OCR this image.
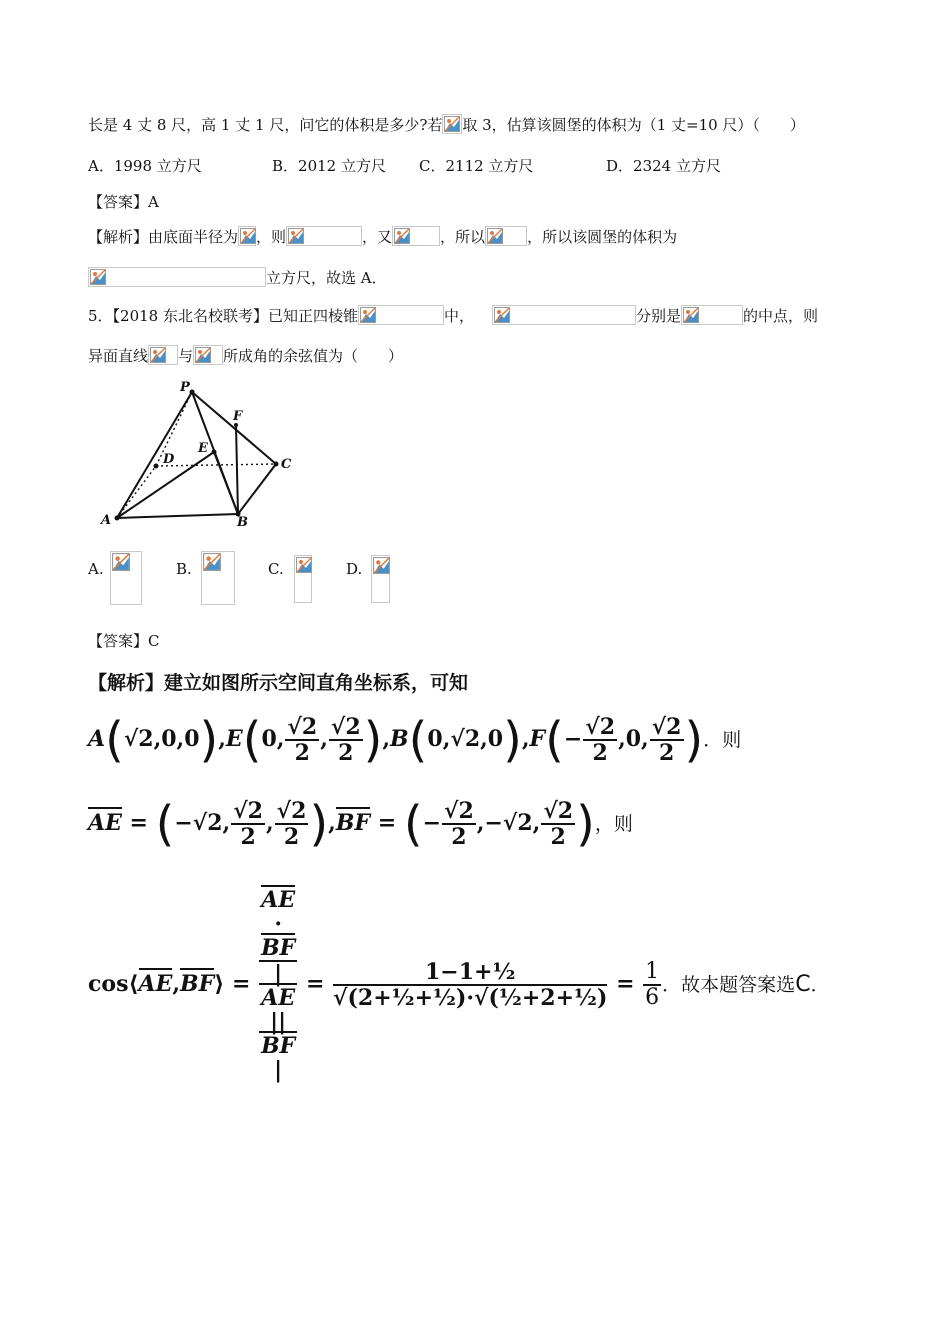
长是 4 丈 8 尺，高 1 丈 1 尺，问它的体积是多少?若 取 3，估算该圆堡的体积为（1 丈=10 尺）（　　）
A．1998 立方尺	B．2012 立方尺 C．2112 立方尺	D．2324 立方尺
【答案】A
【解析】由底面半径为 ，则	，又	，所以	，所以该圆堡的体积为
立方尺，故选 A．
5．【2018 东北名校联考】已知正四棱锥	中，	分别是	的中点，则
异面直线 与 所成角的余弦值为（　　）
P
F
E
D	C
A	B
A.	B.	C.	D.
【答案】C
【解析】建立如图所示空间直角坐标系，可知
A(√2,0,0),E(0, $\frac{√2}{2}$ , $\frac{√2}{2} ),B(0,√2,0),F(- \frac{√2}{2} ,0$, $\frac{√2}{2}$ )．则
AE = (−√2, $\frac{√2}{2}$ , $\frac{√2}{2} ),BF$ = (− $\frac{√2}{2} ,-√2$, $\frac{√2}{2}$ )，则
cos⟨AE,BF⟩ = AE
·
BF
|
AE
||
BF
| = $\frac{\text{1−1+½}}{\text{√(2+½+½)·√(½+2+½)}} = \frac{1}{6}$ ．故本题答案选C．
